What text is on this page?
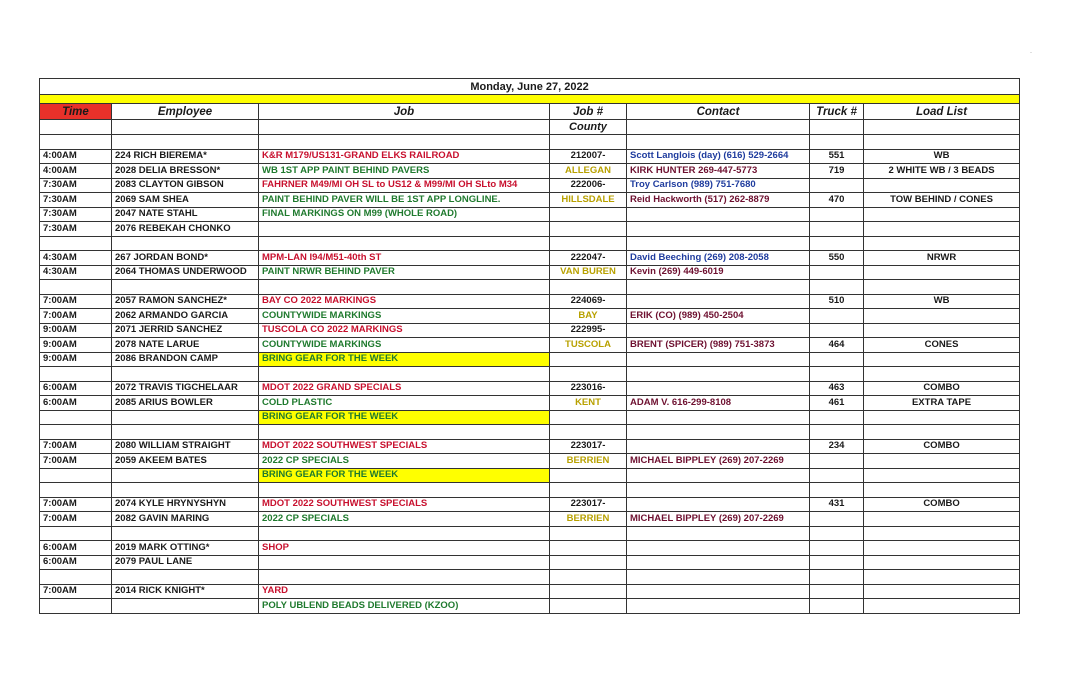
·
Monday, June 27, 2022						

Time	Employee	Job	Job #	Contact	Truck #	Load List
			County			

4:00AM	224 RICH BIEREMA*	K&R M179/US131-GRAND ELKS RAILROAD	212007-	Scott Langlois (day) (616) 529-2664	551	WB
4:00AM	2028 DELIA BRESSON*	WB 1ST APP PAINT BEHIND PAVERS	ALLEGAN	KIRK HUNTER 269-447-5773	719	2 WHITE WB / 3 BEADS
7:30AM	2083 CLAYTON GIBSON	FAHRNER M49/MI OH SL to US12 & M99/MI OH SLto M34	222006-	Troy Carlson (989) 751-7680		
7:30AM	2069 SAM SHEA	PAINT BEHIND PAVER WILL BE 1ST APP LONGLINE.	HILLSDALE	Reid Hackworth (517) 262-8879	470	TOW BEHIND / CONES
7:30AM	2047 NATE STAHL	FINAL MARKINGS ON M99 (WHOLE ROAD)				
7:30AM	2076 REBEKAH CHONKO					

4:30AM	267 JORDAN BOND*	MPM-LAN I94/M51-40th ST	222047-	David Beeching (269) 208-2058	550	NRWR
4:30AM	2064 THOMAS UNDERWOOD	PAINT NRWR BEHIND PAVER	VAN BUREN	Kevin (269) 449-6019		

7:00AM	2057 RAMON SANCHEZ*	BAY CO 2022 MARKINGS	224069-		510	WB
7:00AM	2062 ARMANDO GARCIA	COUNTYWIDE MARKINGS	BAY	ERIK (CO) (989) 450-2504		
9:00AM	2071 JERRID SANCHEZ	TUSCOLA CO 2022 MARKINGS	222995-			
9:00AM	2078 NATE LARUE	COUNTYWIDE MARKINGS	TUSCOLA	BRENT (SPICER) (989) 751-3873	464	CONES
9:00AM	2086 BRANDON CAMP	BRING GEAR FOR THE WEEK				

6:00AM	2072 TRAVIS TIGCHELAAR	MDOT 2022 GRAND SPECIALS	223016-		463	COMBO
6:00AM	2085 ARIUS BOWLER	COLD PLASTIC	KENT	ADAM V. 616-299-8108	461	EXTRA TAPE
		BRING GEAR FOR THE WEEK				

7:00AM	2080 WILLIAM STRAIGHT	MDOT 2022 SOUTHWEST SPECIALS	223017-		234	COMBO
7:00AM	2059 AKEEM BATES	2022 CP SPECIALS	BERRIEN	MICHAEL BIPPLEY (269) 207-2269		
		BRING GEAR FOR THE WEEK				

7:00AM	2074 KYLE HRYNYSHYN	MDOT 2022 SOUTHWEST SPECIALS	223017-		431	COMBO
7:00AM	2082 GAVIN MARING	2022 CP SPECIALS	BERRIEN	MICHAEL BIPPLEY (269) 207-2269		

6:00AM	2019 MARK OTTING*	SHOP				
6:00AM	2079 PAUL LANE					

7:00AM	2014 RICK KNIGHT*	YARD				
		POLY UBLEND BEADS DELIVERED (KZOO)				
